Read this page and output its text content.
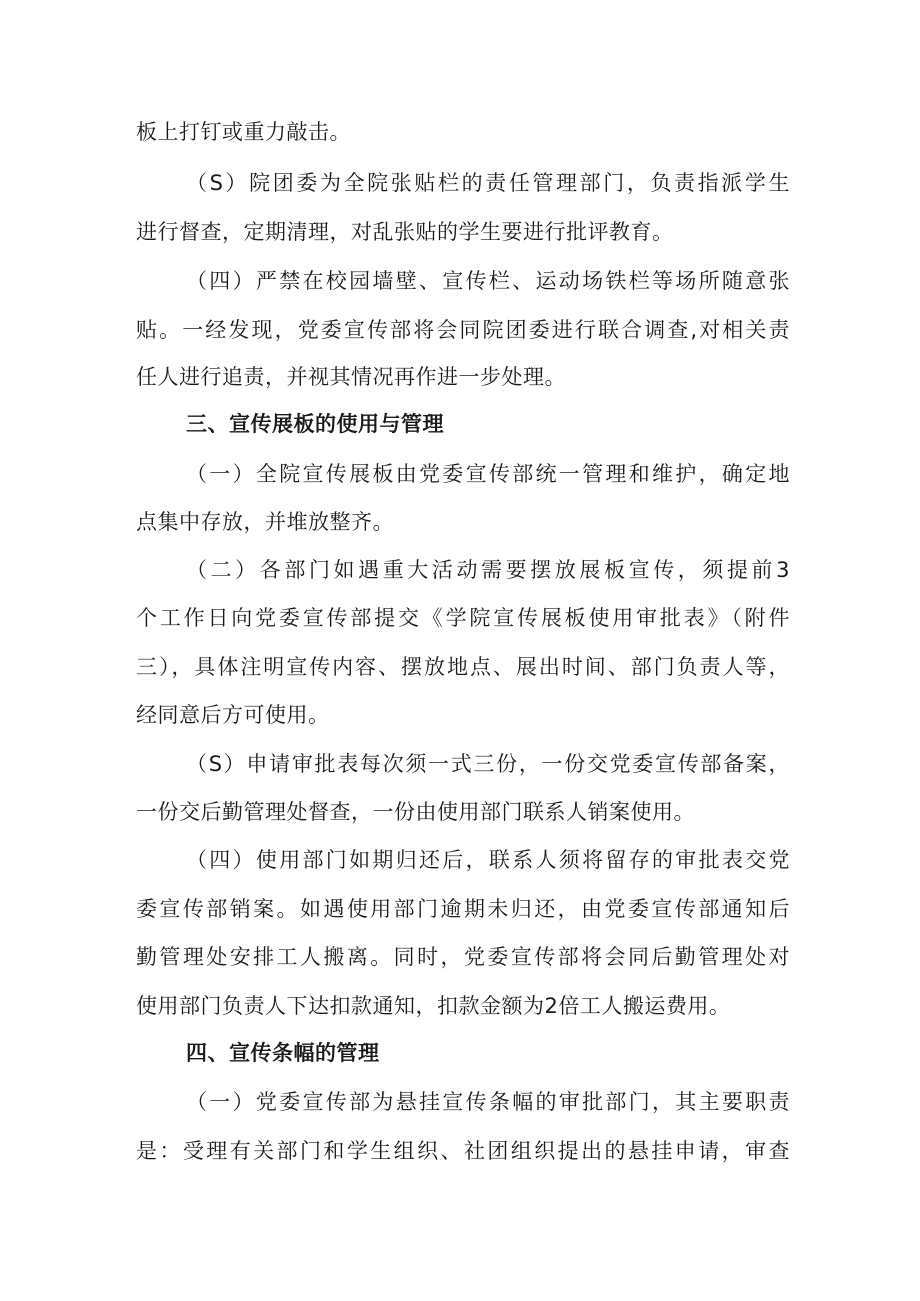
板上打钉或重力敲击。
（S）院团委为全院张贴栏的责任管理部门，负责指派学生
进行督查，定期清理，对乱张贴的学生要进行批评教育。
（四）严禁在校园墙壁、宣传栏、运动场铁栏等场所随意张
贴。一经发现，党委宣传部将会同院团委进行联合调查,对相关责
任人进行追责，并视其情况再作进一步处理。
三、宣传展板的使用与管理
（一）全院宣传展板由党委宣传部统一管理和维护，确定地
点集中存放，并堆放整齐。
（二）各部门如遇重大活动需要摆放展板宣传，须提前3
个工作日向党委宣传部提交《学院宣传展板使用审批表》（附件
三），具体注明宣传内容、摆放地点、展出时间、部门负责人等，
经同意后方可使用。
（S）申请审批表每次须一式三份，一份交党委宣传部备案，
一份交后勤管理处督查，一份由使用部门联系人销案使用。
（四）使用部门如期归还后，联系人须将留存的审批表交党
委宣传部销案。如遇使用部门逾期未归还，由党委宣传部通知后
勤管理处安排工人搬离。同时，党委宣传部将会同后勤管理处对
使用部门负责人下达扣款通知，扣款金额为2倍工人搬运费用。
四、宣传条幅的管理
（一）党委宣传部为悬挂宣传条幅的审批部门，其主要职责
是：受理有关部门和学生组织、社团组织提出的悬挂申请，审查
